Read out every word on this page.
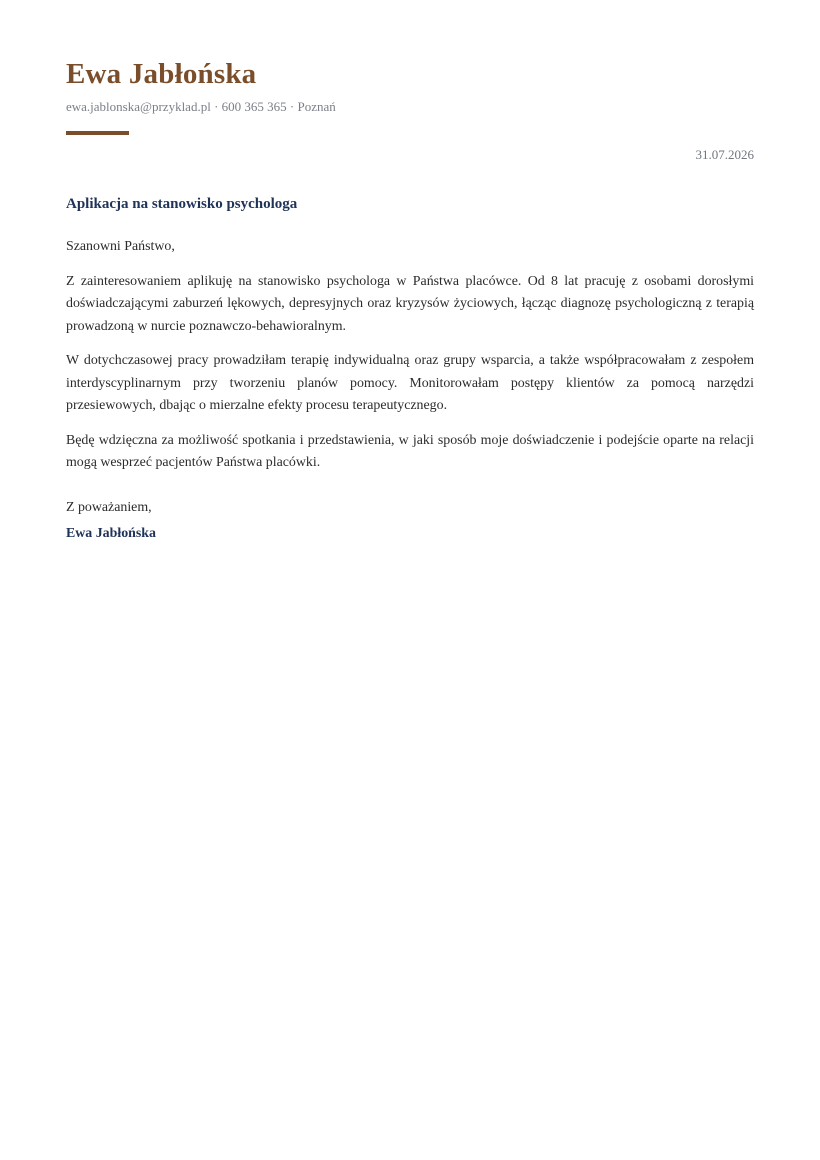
Ewa Jabłońska
ewa.jablonska@przyklad.pl · 600 365 365 · Poznań
31.07.2026
Aplikacja na stanowisko psychologa

Szanowni Państwo,

Z zainteresowaniem aplikuję na stanowisko psychologa w Państwa placówce. Od 8 lat pracuję z osobami dorosłymi doświadczającymi zaburzeń lękowych, depresyjnych oraz kryzysów życiowych, łącząc diagnozę psychologiczną z terapią prowadzoną w nurcie poznawczo-behawioralnym.

W dotychczasowej pracy prowadziłam terapię indywidualną oraz grupy wsparcia, a także współpracowałam z zespołem interdyscyplinarnym przy tworzeniu planów pomocy. Monitorowałam postępy klientów za pomocą narzędzi przesiewowych, dbając o mierzalne efekty procesu terapeutycznego.

Będę wdzięczna za możliwość spotkania i przedstawienia, w jaki sposób moje doświadczenie i podejście oparte na relacji mogą wesprzeć pacjentów Państwa placówki.

Z poważaniem,

Ewa Jabłońska
